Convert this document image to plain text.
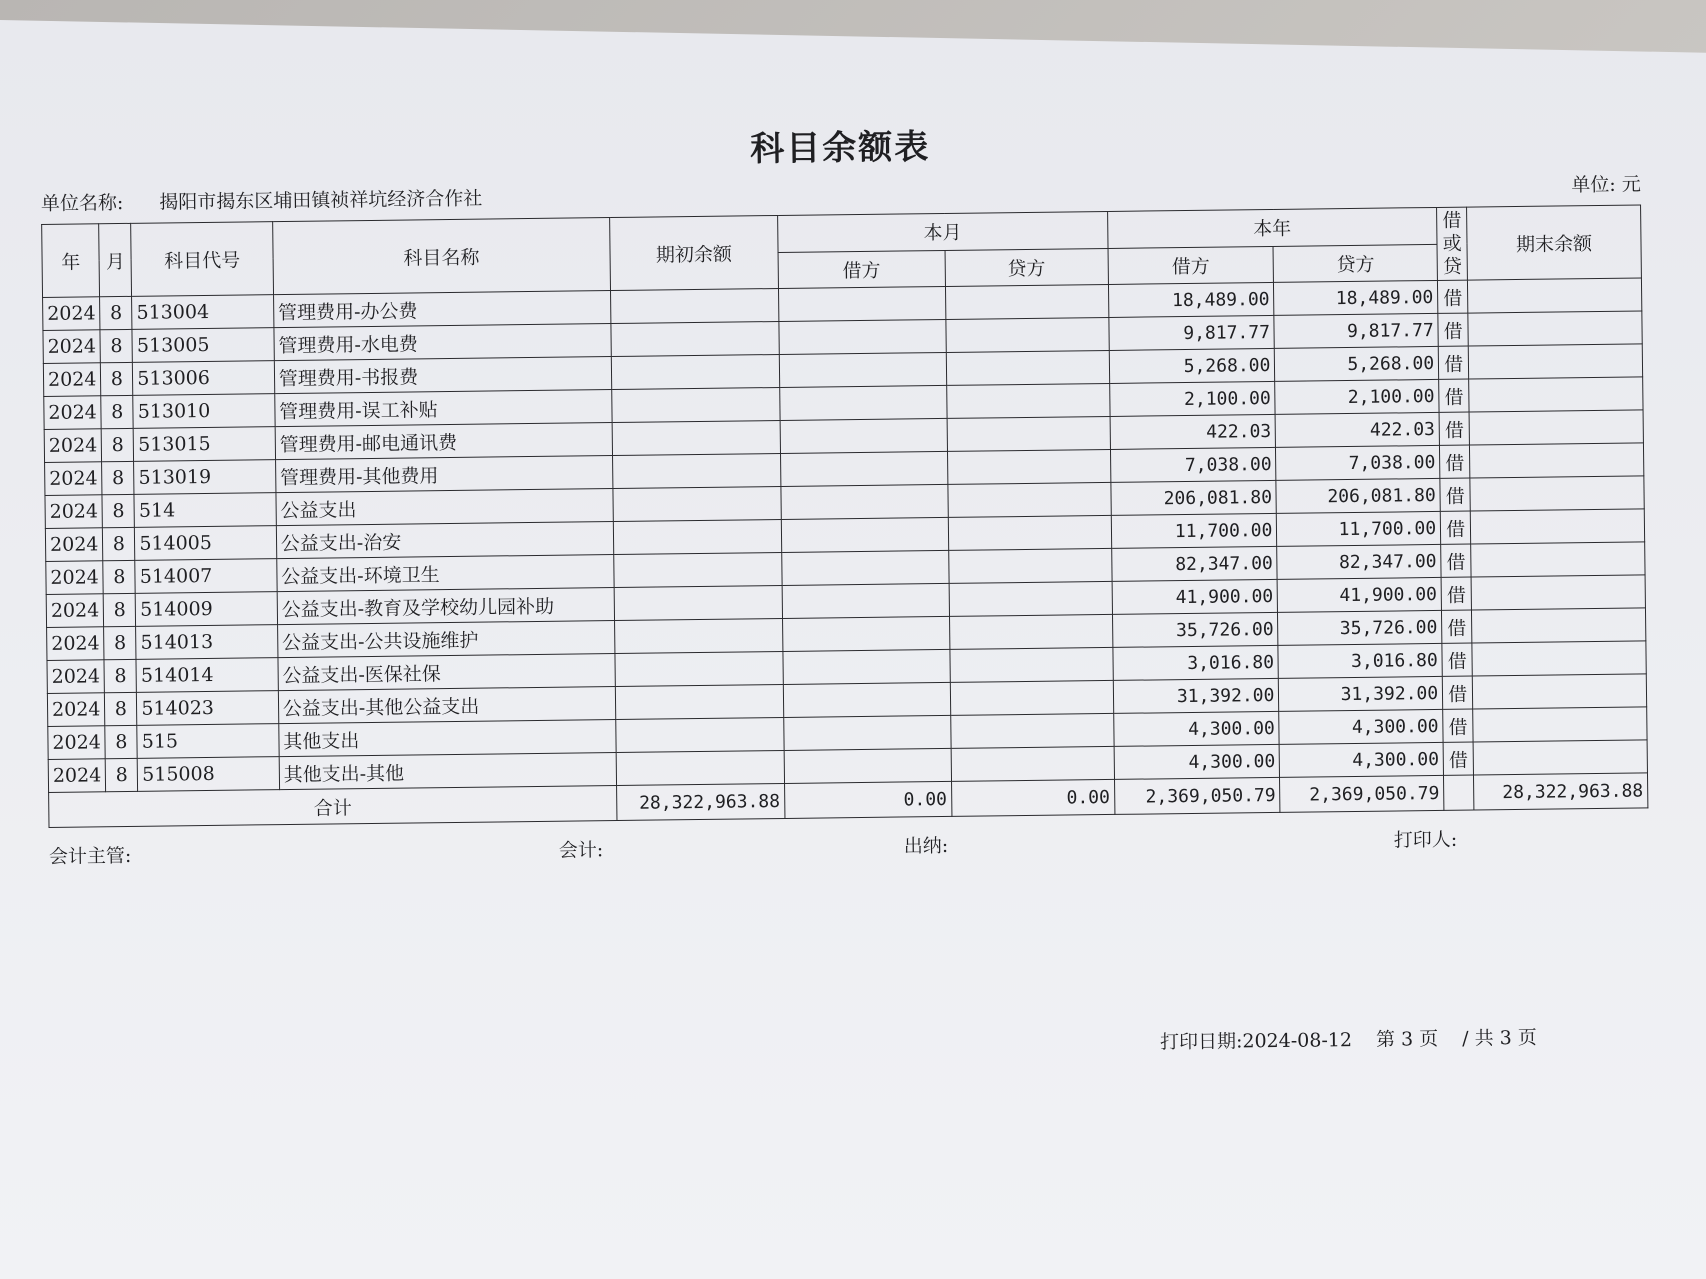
科目余额表
单位名称: 揭阳市揭东区埔田镇祯祥坑经济合作社
单位: 元
年	月	科目代号	科目名称	期初余额	本月		本年		借或贷	期末余额
					借方	贷方	借方	贷方		
2024	8	513004	管理费用-办公费				18,489.00	18,489.00	借	
2024	8	513005	管理费用-水电费				9,817.77	9,817.77	借	
2024	8	513006	管理费用-书报费				5,268.00	5,268.00	借	
2024	8	513010	管理费用-误工补贴				2,100.00	2,100.00	借	
2024	8	513015	管理费用-邮电通讯费				422.03	422.03	借	
2024	8	513019	管理费用-其他费用				7,038.00	7,038.00	借	
2024	8	514	公益支出				206,081.80	206,081.80	借	
2024	8	514005	公益支出-治安				11,700.00	11,700.00	借	
2024	8	514007	公益支出-环境卫生				82,347.00	82,347.00	借	
2024	8	514009	公益支出-教育及学校幼儿园补助				41,900.00	41,900.00	借	
2024	8	514013	公益支出-公共设施维护				35,726.00	35,726.00	借	
2024	8	514014	公益支出-医保社保				3,016.80	3,016.80	借	
2024	8	514023	公益支出-其他公益支出				31,392.00	31,392.00	借	
2024	8	515	其他支出				4,300.00	4,300.00	借	
2024	8	515008	其他支出-其他				4,300.00	4,300.00	借	
合计				28,322,963.88	0.00	0.00	2,369,050.79	2,369,050.79		28,322,963.88
会计主管:	会计:	出纳:	打印人:
打印日期:2024-08-12 第 3 页 / 共 3 页
